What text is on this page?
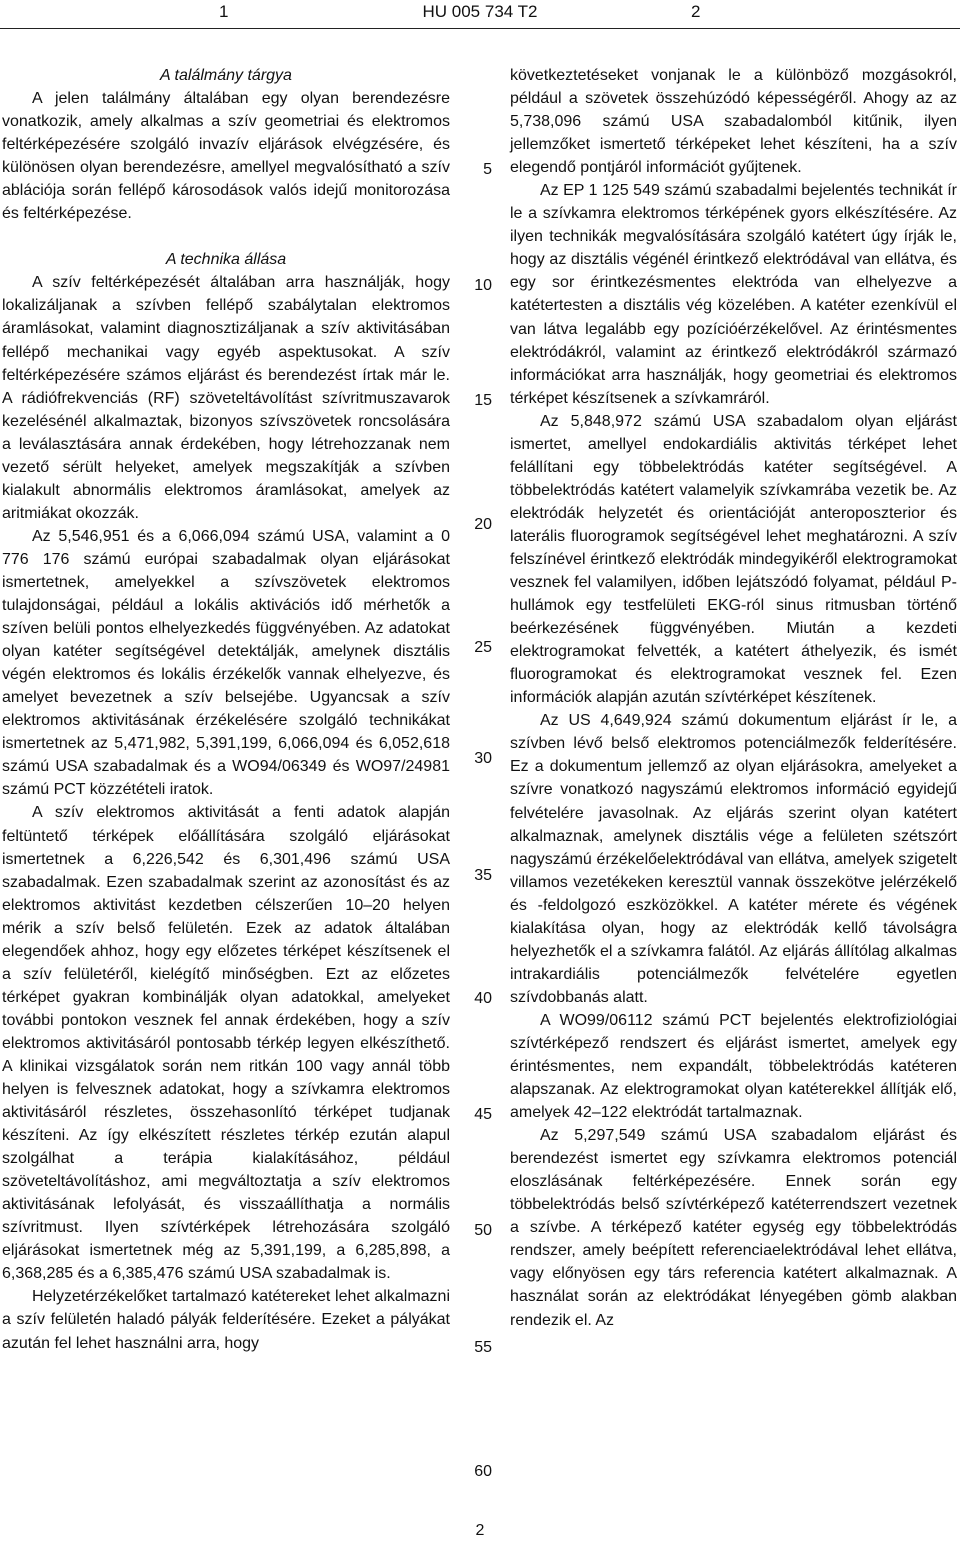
1	HU 005 734 T2	2

A találmány tárgya

A jelen találmány általában egy olyan berendezésre vonatkozik, amely alkalmas a szív geometriai és elektromos feltérképezésére szolgáló invazív eljárások elvégzésére, és különösen olyan berendezésre, amellyel megvalósítható a szív ablációja során fellépő károsodások valós idejű monitorozása és feltérképezése.

A technika állása

A szív feltérképezését általában arra használják, hogy lokalizáljanak a szívben fellépő szabálytalan elektromos áramlásokat, valamint diagnosztizáljanak a szív aktivitásában fellépő mechanikai vagy egyéb aspektusokat. A szív feltérképezésére számos eljárást és berendezést írtak már le. A rádiófrekvenciás (RF) szöveteltávolítást szívritmuszavarok kezelésénél alkalmaztak, bizonyos szívszövetek roncsolására a leválasztására annak érdekében, hogy létrehozzanak nem vezető sérült helyeket, amelyek megszakítják a szívben kialakult abnormális elektromos áramlásokat, amelyek az aritmiákat okozzák.

Az 5,546,951 és a 6,066,094 számú USA, valamint a 0 776 176 számú európai szabadalmak olyan eljárásokat ismertetnek, amelyekkel a szívszövetek elektromos tulajdonságai, például a lokális aktivációs idő mérhetők a szíven belüli pontos elhelyezkedés függvényében. Az adatokat olyan katéter segítségével detektálják, amelynek disztális végén elektromos és lokális érzékelők vannak elhelyezve, és amelyet bevezetnek a szív belsejébe. Ugyancsak a szív elektromos aktivitásának érzékelésére szolgáló technikákat ismertetnek az 5,471,982, 5,391,199, 6,066,094 és 6,052,618 számú USA szabadalmak és a WO94/06349 és WO97/24981 számú PCT közzétételi iratok.

A szív elektromos aktivitását a fenti adatok alapján feltüntető térképek előállítására szolgáló eljárásokat ismertetnek a 6,226,542 és 6,301,496 számú USA szabadalmak. Ezen szabadalmak szerint az azonosítást és az elektromos aktivitást kezdetben célszerűen 10–20 helyen mérik a szív belső felületén. Ezek az adatok általában elegendőek ahhoz, hogy egy előzetes térképet készítsenek el a szív felületéről, kielégítő minőségben. Ezt az előzetes térképet gyakran kombinálják olyan adatokkal, amelyeket további pontokon vesznek fel annak érdekében, hogy a szív elektromos aktivitásáról pontosabb térkép legyen elkészíthető. A klinikai vizsgálatok során nem ritkán 100 vagy annál több helyen is felvesznek adatokat, hogy a szívkamra elektromos aktivitásáról részletes, összehasonlító térképet tudjanak készíteni. Az így elkészített részletes térkép ezután alapul szolgálhat a terápia kialakításához, például szöveteltávolításhoz, ami megváltoztatja a szív elektromos aktivitásának lefolyását, és visszaállíthatja a normális szívritmust. Ilyen szívtérképek létrehozására szolgáló eljárásokat ismertetnek még az 5,391,199, a 6,285,898, a 6,368,285 és a 6,385,476 számú USA szabadalmak is.

Helyzetérzékelőket tartalmazó katétereket lehet alkalmazni a szív felületén haladó pályák felderítésére. Ezeket a pályákat azután fel lehet használni arra, hogy

következtetéseket vonjanak le a különböző mozgásokról, például a szövetek összehúzódó képességéről. Ahogy az az 5,738,096 számú USA szabadalomból kitűnik, ilyen jellemzőket ismertető térképeket lehet készíteni, ha a szív elegendő pontjáról információt gyűjtenek.

Az EP 1 125 549 számú szabadalmi bejelentés technikát ír le a szívkamra elektromos térképének gyors elkészítésére. Az ilyen technikák megvalósítására szolgáló katétert úgy írják le, hogy az disztális végénél érintkező elektródával van ellátva, és egy sor érintkezésmentes elektróda van elhelyezve a katétertesten a disztális vég közelében. A katéter ezenkívül el van látva legalább egy pozícióérzékelővel. Az érintésmentes elektródákról, valamint az érintkező elektródákról származó információkat arra használják, hogy geometriai és elektromos térképet készítsenek a szívkamráról.

Az 5,848,972 számú USA szabadalom olyan eljárást ismertet, amellyel endokardiális aktivitás térképet lehet felállítani egy többelektródás katéter segítségével. A többelektródás katétert valamelyik szívkamrába vezetik be. Az elektródák helyzetét és orientációját anteroposzterior és laterális fluorogramok segítségével lehet meghatározni. A szív felszínével érintkező elektródák mindegyikéről elektrogramokat vesznek fel valamilyen, időben lejátszódó folyamat, például P-hullámok egy testfelületi EKG-ról sinus ritmusban történő beérkezésének függvényében. Miután a kezdeti elektrogramokat felvették, a katétert áthelyezik, és ismét fluorogramokat és elektrogramokat vesznek fel. Ezen információk alapján azután szívtérképet készítenek.

Az US 4,649,924 számú dokumentum eljárást ír le, a szívben lévő belső elektromos potenciálmezők felderítésére. Ez a dokumentum jellemző az olyan eljárásokra, amelyeket a szívre vonatkozó nagyszámú elektromos információ egyidejű felvételére javasolnak. Az eljárás szerint olyan katétert alkalmaznak, amelynek disztális vége a felületen szétszórt nagyszámú érzékelőelektródával van ellátva, amelyek szigetelt villamos vezetékeken keresztül vannak összekötve jelérzékelő és -feldolgozó eszközökkel. A katéter mérete és végének kialakítása olyan, hogy az elektródák kellő távolságra helyezhetők el a szívkamra falától. Az eljárás állítólag alkalmas intrakardiális potenciálmezők felvételére egyetlen szívdobbanás alatt.

A WO99/06112 számú PCT bejelentés elektrofiziológiai szívtérképező rendszert és eljárást ismertet, amelyek egy érintésmentes, nem expandált, többelektródás katéteren alapszanak. Az elektrogramokat olyan katéterekkel állítják elő, amelyek 42–122 elektródát tartalmaznak.

Az 5,297,549 számú USA szabadalom eljárást és berendezést ismertet egy szívkamra elektromos potenciál eloszlásának feltérképezésére. Ennek során egy többelektródás belső szívtérképező katéterrendszert vezetnek a szívbe. A térképező katéter egység egy többelektródás rendszer, amely beépített referenciaelektródával lehet ellátva, vagy előnyösen egy társ referencia katétert alkalmaznak. A használat során az elektródákat lényegében gömb alakban rendezik el. Az

5
10
15
20
25
30
35
40
45
50
55
60
2
